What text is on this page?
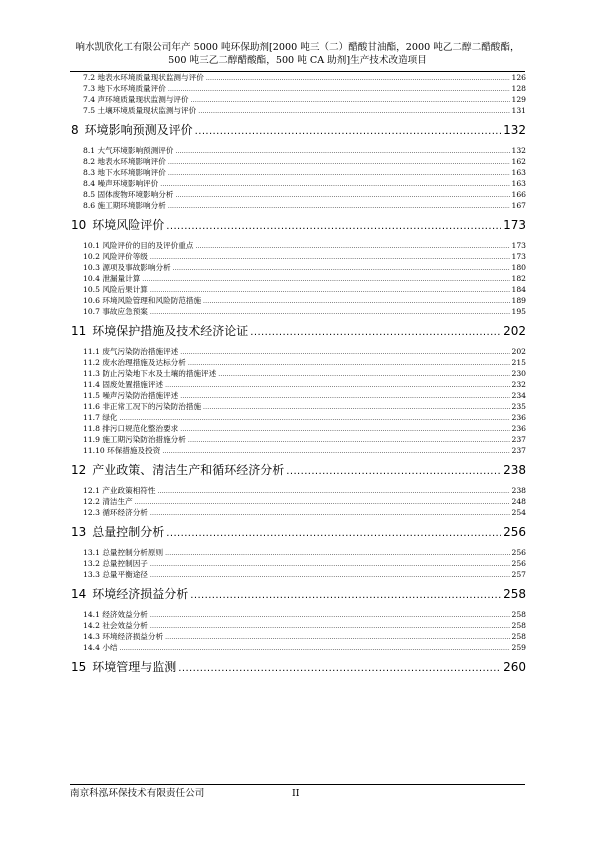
响水凯欣化工有限公司年产 5000 吨环保助剂[2000 吨三（二）醋酸甘油酯，2000 吨乙二醇二醋酸酯，
500 吨三乙二醇醋酸酯，500 吨 CA 助剂]生产技术改造项目
7.2 地表水环境质量现状监测与评价 .....	126
7.3 地下水环境质量评价 .....	128
7.4 声环境质量现状监测与评价 .....	129
7.5 土壤环境质量现状监测与评价 .....	131
8 环境影响预测及评价 .....	132
8.1 大气环境影响预测评价 .....	132
8.2 地表水环境影响评价 .....	162
8.3 地下水环境影响评价 .....	163
8.4 噪声环境影响评价 .....	163
8.5 固体废物环境影响分析 .....	166
8.6 施工期环境影响分析 .....	167
10 环境风险评价 .....	173
10.1 风险评价的目的及评价重点 .....	173
10.2 风险评价等级 .....	173
10.3 源项及事故影响分析 .....	180
10.4 泄漏量计算 .....	182
10.5 风险后果计算 .....	184
10.6 环境风险管理和风险防范措施 .....	189
10.7 事故应急预案 .....	195
11 环境保护措施及技术经济论证 .....	202
11.1 废气污染防治措施评述 .....	202
11.2 废水治理措施及达标分析 .....	215
11.3 防止污染地下水及土壤的措施评述 .....	230
11.4 固废处置措施评述 .....	232
11.5 噪声污染防治措施评述 .....	234
11.6 非正常工况下的污染防治措施 .....	235
11.7 绿化 .....	236
11.8 排污口规范化整治要求 .....	236
11.9 施工期污染防治措施分析 .....	237
11.10 环保措施及投资 .....	237
12 产业政策、清洁生产和循环经济分析 .....	238
12.1 产业政策相符性 .....	238
12.2 清洁生产 .....	248
12.3 循环经济分析 .....	254
13 总量控制分析 .....	256
13.1 总量控制分析原则 .....	256
13.2 总量控制因子 .....	256
13.3 总量平衡途径 .....	257
14 环境经济损益分析 .....	258
14.1 经济效益分析 .....	258
14.2 社会效益分析 .....	258
14.3 环境经济损益分析 .....	258
14.4 小结 .....	259
15 环境管理与监测 .....	260
南京科泓环保技术有限责任公司	II
